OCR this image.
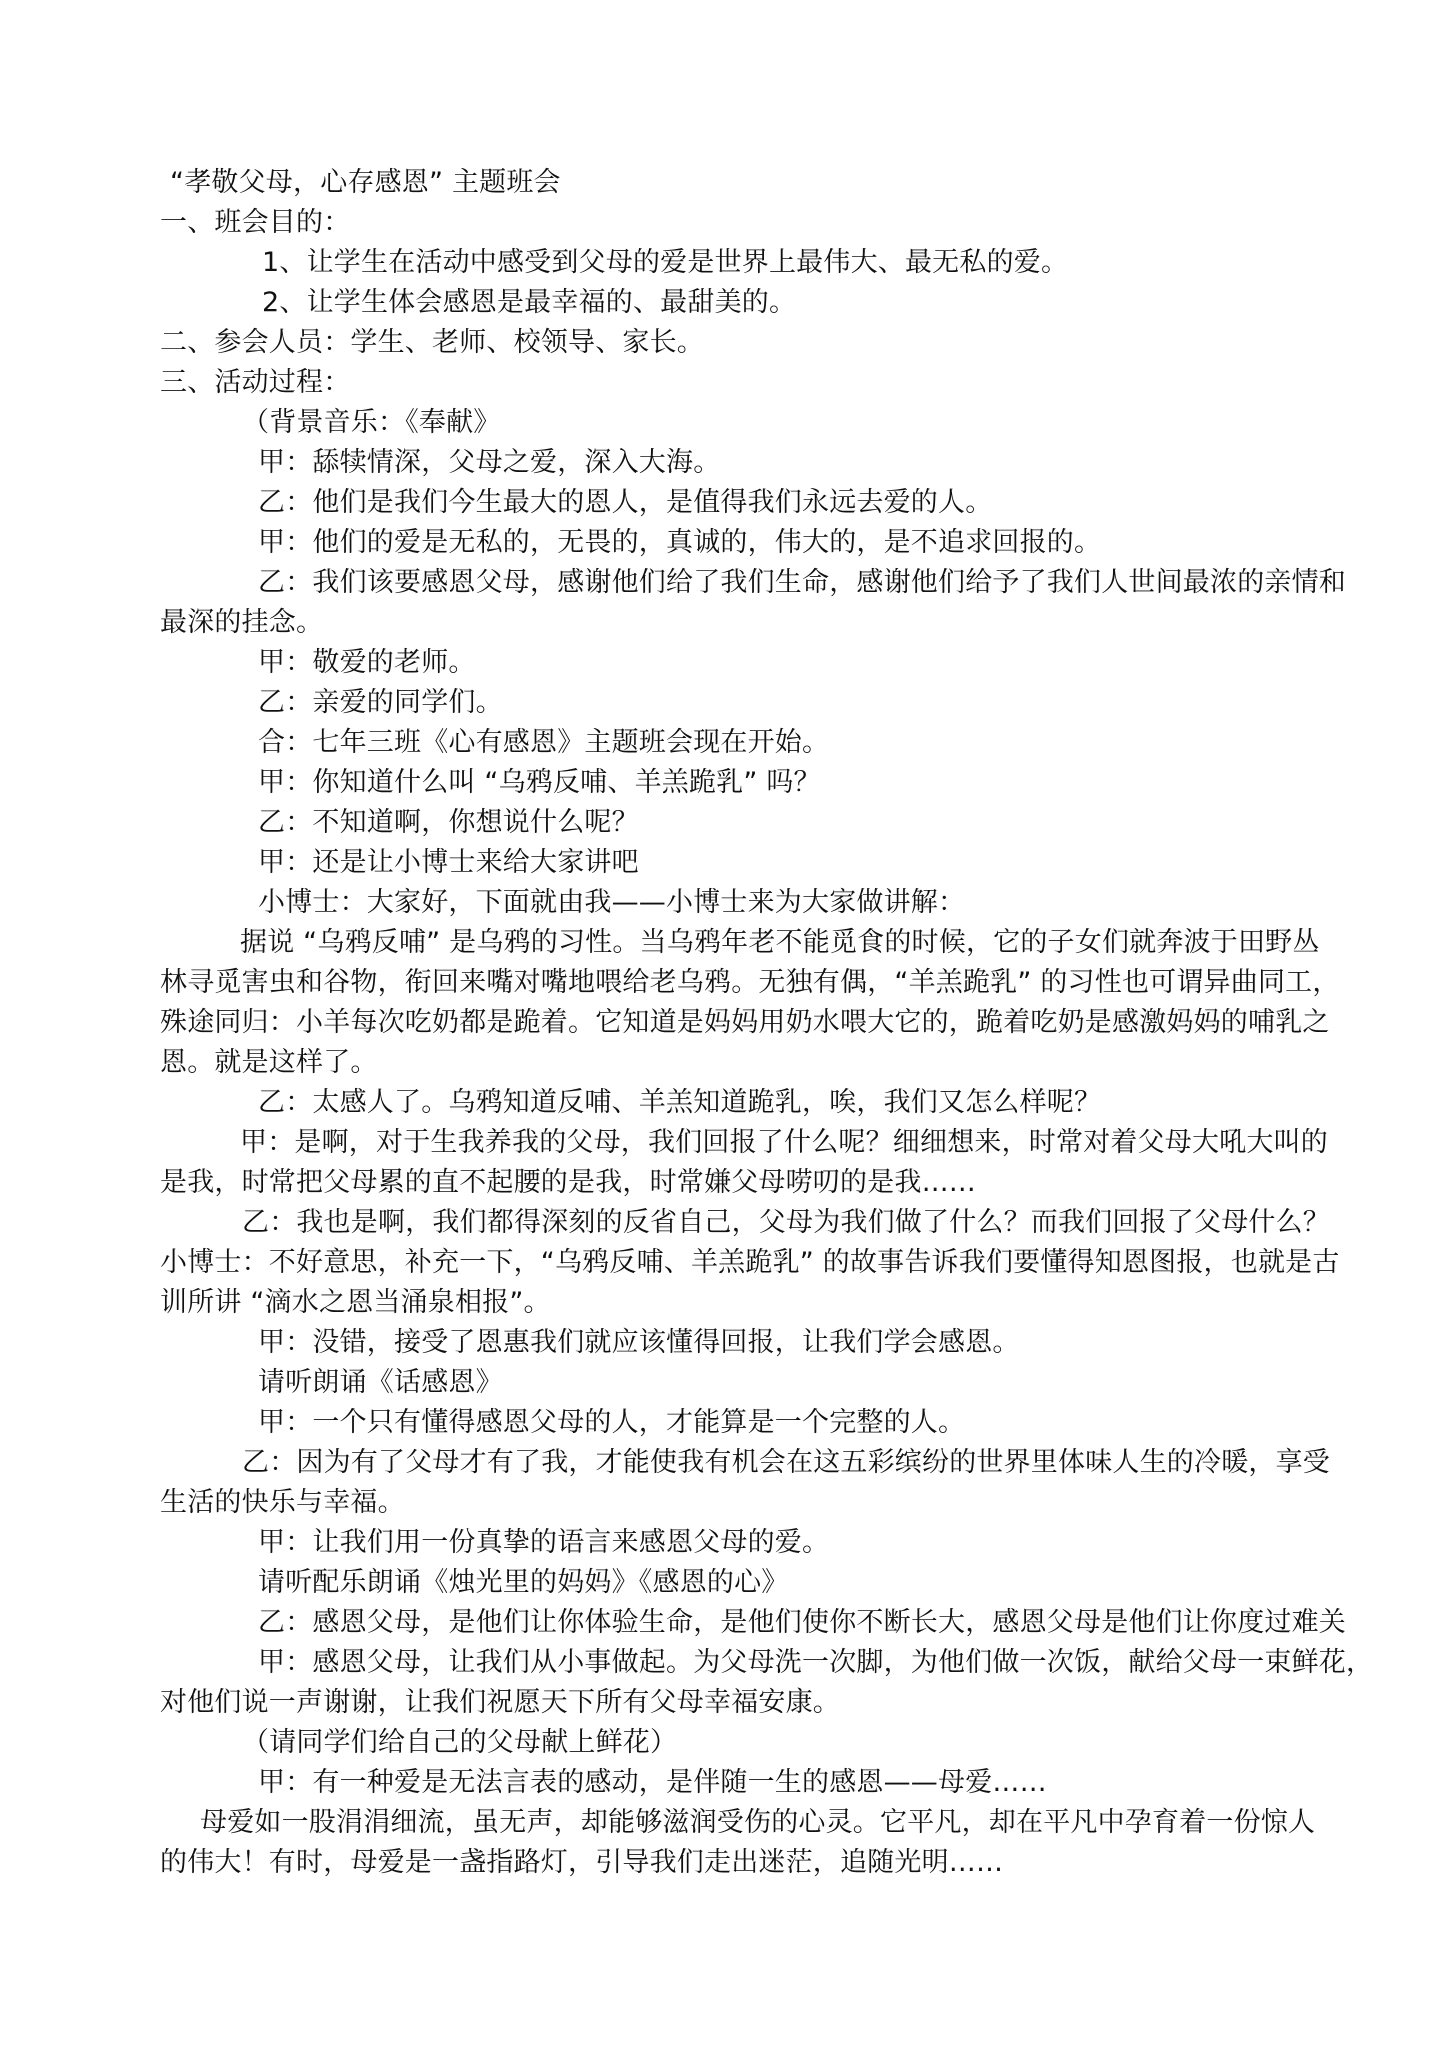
“孝敬父母，心存感恩” 主题班会
一、班会目的：
1、让学生在活动中感受到父母的爱是世界上最伟大、最无私的爱。
2、让学生体会感恩是最幸福的、最甜美的。
二、参会人员：学生、老师、校领导、家长。
三、活动过程：
（背景音乐：《奉献》
甲：舔犊情深，父母之爱，深入大海。
乙：他们是我们今生最大的恩人，是值得我们永远去爱的人。
甲：他们的爱是无私的，无畏的，真诚的，伟大的，是不追求回报的。
乙：我们该要感恩父母，感谢他们给了我们生命，感谢他们给予了我们人世间最浓的亲情和
最深的挂念。
甲：敬爱的老师。
乙：亲爱的同学们。
合：七年三班《心有感恩》主题班会现在开始。
甲：你知道什么叫 “乌鸦反哺、羊羔跪乳” 吗？
乙：不知道啊，你想说什么呢？
甲：还是让小博士来给大家讲吧
小博士：大家好，下面就由我——小博士来为大家做讲解：
据说 “乌鸦反哺” 是乌鸦的习性。当乌鸦年老不能觅食的时候，它的子女们就奔波于田野丛
林寻觅害虫和谷物，衔回来嘴对嘴地喂给老乌鸦。无独有偶，“羊羔跪乳” 的习性也可谓异曲同工，
殊途同归：小羊每次吃奶都是跪着。它知道是妈妈用奶水喂大它的，跪着吃奶是感激妈妈的哺乳之
恩。就是这样了。
乙：太感人了。乌鸦知道反哺、羊羔知道跪乳，唉，我们又怎么样呢？
甲：是啊，对于生我养我的父母，我们回报了什么呢？细细想来，时常对着父母大吼大叫的
是我，时常把父母累的直不起腰的是我，时常嫌父母唠叨的是我……
乙：我也是啊，我们都得深刻的反省自己，父母为我们做了什么？而我们回报了父母什么？
小博士：不好意思，补充一下，“乌鸦反哺、羊羔跪乳” 的故事告诉我们要懂得知恩图报，也就是古
训所讲 “滴水之恩当涌泉相报”。
甲：没错，接受了恩惠我们就应该懂得回报，让我们学会感恩。
请听朗诵《话感恩》
甲：一个只有懂得感恩父母的人，才能算是一个完整的人。
乙：因为有了父母才有了我，才能使我有机会在这五彩缤纷的世界里体味人生的冷暖，享受
生活的快乐与幸福。
甲：让我们用一份真挚的语言来感恩父母的爱。
请听配乐朗诵《烛光里的妈妈》《感恩的心》
乙：感恩父母，是他们让你体验生命，是他们使你不断长大，感恩父母是他们让你度过难关
甲：感恩父母，让我们从小事做起。为父母洗一次脚，为他们做一次饭，献给父母一束鲜花，
对他们说一声谢谢，让我们祝愿天下所有父母幸福安康。
（请同学们给自己的父母献上鲜花）
甲：有一种爱是无法言表的感动，是伴随一生的感恩——母爱……
母爱如一股涓涓细流，虽无声，却能够滋润受伤的心灵。它平凡，却在平凡中孕育着一份惊人
的伟大！有时，母爱是一盏指路灯，引导我们走出迷茫，追随光明……
